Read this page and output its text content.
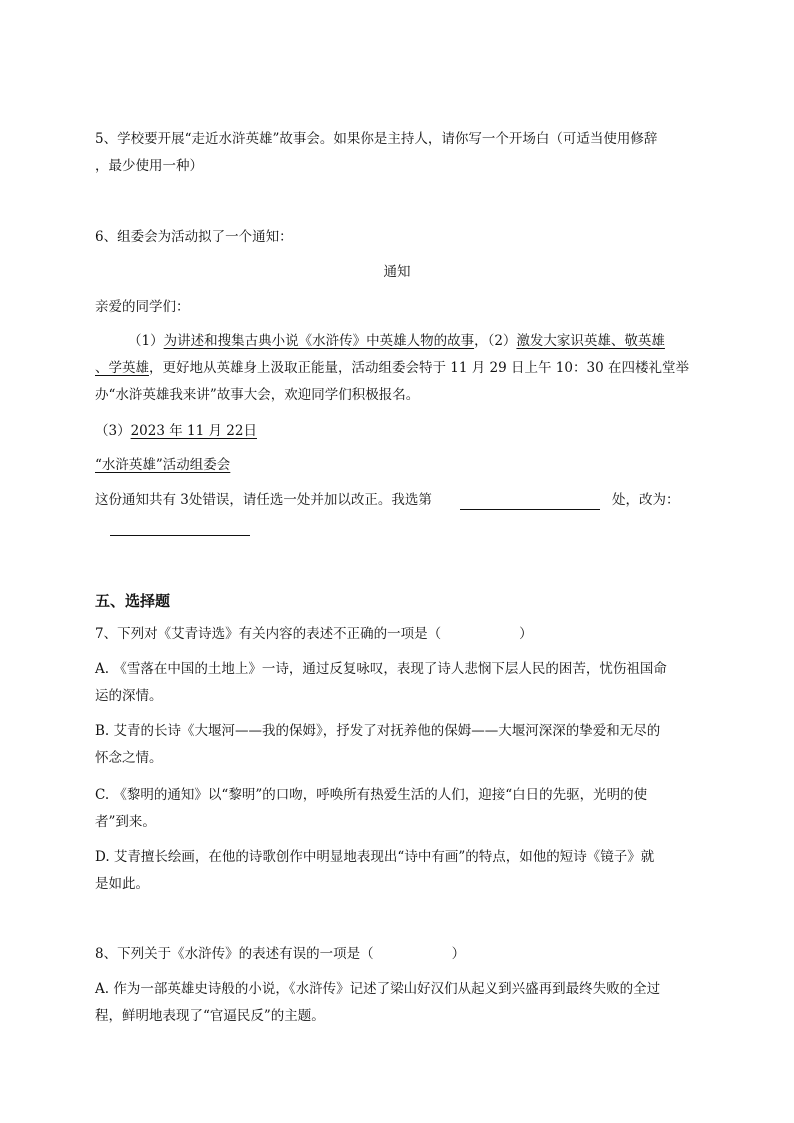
5、学校要开展“走近水浒英雄”故事会。如果你是主持人，请你写一个开场白（可适当使用修辞
，最少使用一种）
6、组委会为活动拟了一个通知：
通知
亲爱的同学们：
（1）为讲述和搜集古典小说《水浒传》中英雄人物的故事，（2）激发大家识英雄、敬英雄
、学英雄，更好地从英雄身上汲取正能量，活动组委会特于 11 月 29 日上午 10：30 在四楼礼堂举
办“水浒英雄我来讲”故事大会，欢迎同学们积极报名。
（3）2023 年 11 月 22日
“水浒英雄”活动组委会
这份通知共有 3处错误，请任选一处并加以改正。我选第	处，改为：
五、选择题
7、下列对《艾青诗选》有关内容的表述不正确的一项是（	）
A. 《雪落在中国的土地上》一诗，通过反复咏叹，表现了诗人悲悯下层人民的困苦，忧伤祖国命
运的深情。
B. 艾青的长诗《大堰河——我的保姆》，抒发了对抚养他的保姆——大堰河深深的挚爱和无尽的
怀念之情。
C. 《黎明的通知》以“黎明”的口吻，呼唤所有热爱生活的人们，迎接“白日的先驱，光明的使
者”到来。
D. 艾青擅长绘画，在他的诗歌创作中明显地表现出“诗中有画”的特点，如他的短诗《镜子》就
是如此。
8、下列关于《水浒传》的表述有误的一项是（	）
A. 作为一部英雄史诗般的小说，《水浒传》记述了梁山好汉们从起义到兴盛再到最终失败的全过
程，鲜明地表现了“官逼民反”的主题。
